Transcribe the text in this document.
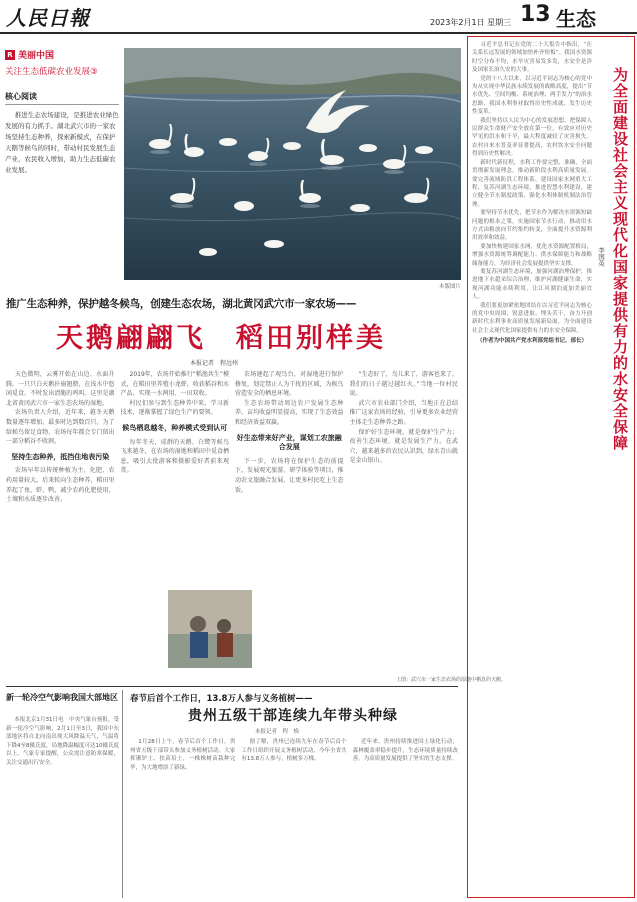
人民日報	2023年2月1日 星期三 13 生态
R 美丽中国
关注生态低碳农业发展③
核心阅读
推进生态农场建设，是推进农业绿色发展的有力抓手。湖北武穴市的一家农场坚持生态种养，探索新模式，在保护天鹅等候鸟的同时，带动村民发展生态产业，农民收入增加，助力生态低碳农业发展。
本版图片
推广生态种养，保护越冬候鸟，创建生态农场，湖北黄冈武穴市一家农场——
天鹅翩翩飞　稻田别样美
本报记者　程远州

天色微明，云雾开始在山边、水面升腾。一只只白天鹅扑扇翅膀，在浅水中悠闲觅食，不时发出清脆的鸣叫。这里是湖北省黄冈武穴市一家生态农场的湿地。

农场负责人介绍，近年来，越冬天鹅数量逐年增加，最多时达到数百只。为了给候鸟留足食物，农场每年都会专门留出一部分稻谷不收割。

坚持生态种养，抵挡住地表污染

农场早年以传统种植为主，化肥、农药用量较大。后来转向生态种养，稻田里养起了鱼、虾、鸭，减少农药化肥使用，土壤和水质逐步改善。

2019年，农场开始推行“稻渔共生”模式，在稻田里养殖小龙虾，收获稻谷和水产品，实现一水两用、一田双收。

村民们参与到生态种养中来，学习新技术，逐渐掌握了绿色生产的要领。

候鸟栖息越冬，种养模式受到认可

每年冬天，成群的天鹅、白鹭等候鸟飞来越冬，在农场的湿地和稻田中觅食栖息，吸引大批游客和摄影爱好者前来观赏。

农场建起了观鸟台，对湿地进行保护修复，划定禁止人为干扰的区域，为候鸟营造安全的栖息环境。

生态农场带动周边农户发展生态种养，亩均收益明显提高，实现了生态效益和经济效益双赢。

好生态带来好产业，谋划工农旅融合发展

下一步，农场将在保护生态的前提下，发展观光旅游、研学体验等项目，推动农文旅融合发展，让更多村民吃上生态饭。

“生态好了，鸟儿来了，游客也来了，我们的日子越过越红火。”当地一位村民说。

武穴市农业部门介绍，当地正在总结推广这家农场的经验，引导更多农业经营主体走生态种养之路。

保护好生态环境，就是保护生产力；改善生态环境，就是发展生产力。在武穴，越来越多的农民认识到，绿水青山就是金山银山。

上图：武穴市一家生态农场的湿地中栖息的天鹅。
新一轮冷空气影响我国大部地区
本报北京1月31日电　中央气象台预报，受新一轮冷空气影响，2月1日至3日，我国中东部地区将自北向南出现大风降温天气，气温将下降4至8摄氏度，局地降温幅度可达10摄氏度以上。气象专家提醒，公众需注意防寒保暖，关注交通出行安全。
春节后首个工作日，13.8万人参与义务植树——
贵州五级干部连续九年带头种绿
本报记者　程　焕

1月28日上午，春节后首个工作日，贵州省五级干部带头参加义务植树活动。大家挥锹铲土、扶苗培土，一株株树苗栽种完毕，为大地增添了新绿。

据了解，贵州已连续九年在春节后首个工作日组织开展义务植树活动，今年全省共有13.8万人参与，植树多万株。

近年来，贵州持续推进国土绿化行动，森林覆盖率稳步提升，生态环境质量持续改善，为高质量发展提供了坚实的生态支撑。

习近平总书记在党的二十大报告中指出，“在关系长远发展的领域加快补齐短板”。我国水资源时空分布不均，水旱灾害易发多发，水安全是涉及国家长治久安的大事。

党的十八大以来，以习近平同志为核心的党中央从实现中华民族永续发展的战略高度，提出“节水优先、空间均衡、系统治理、两手发力”的治水思路，我国水利事业取得历史性成就、发生历史性变革。

我们坚持以人民为中心的发展思想，把保障人民群众生命财产安全放在第一位，有效应对历史罕见的洪水和干旱，最大程度减轻了灾害损失。农村自来水普及率显著提高，农村饮水安全问题得到历史性解决。

新时代新征程，水利工作要完整、准确、全面贯彻新发展理念，推动新阶段水利高质量发展。要完善流域防洪工程体系，建设国家水网重大工程，复苏河湖生态环境，推进智慧水利建设，建立健全节水制度政策，强化水利体制机制法治管理。

要坚持节水优先，把节水作为解决水资源短缺问题的根本之策，实施国家节水行动，推动用水方式由粗放向节约集约转变，全面提升水资源利用效率和效益。

要加快构建国家水网，优化水资源配置格局，增强水资源统筹调配能力、供水保障能力和战略储备能力，为经济社会发展提供坚实支撑。

要复苏河湖生态环境，加强河湖治理保护，推进地下水超采综合治理，维护河湖健康生命，实现河湖功能永续利用，让江河湖泊更加美丽宜人。

我们要更加紧密地团结在以习近平同志为核心的党中央周围，锐意进取、埋头苦干，奋力开创新时代水利事业高质量发展新局面，为全面建设社会主义现代化国家提供有力的水安全保障。

（作者为中国共产党水利部党组书记、部长）	为全面建设社会主义现代化国家提供有力的水安全保障
李国英
